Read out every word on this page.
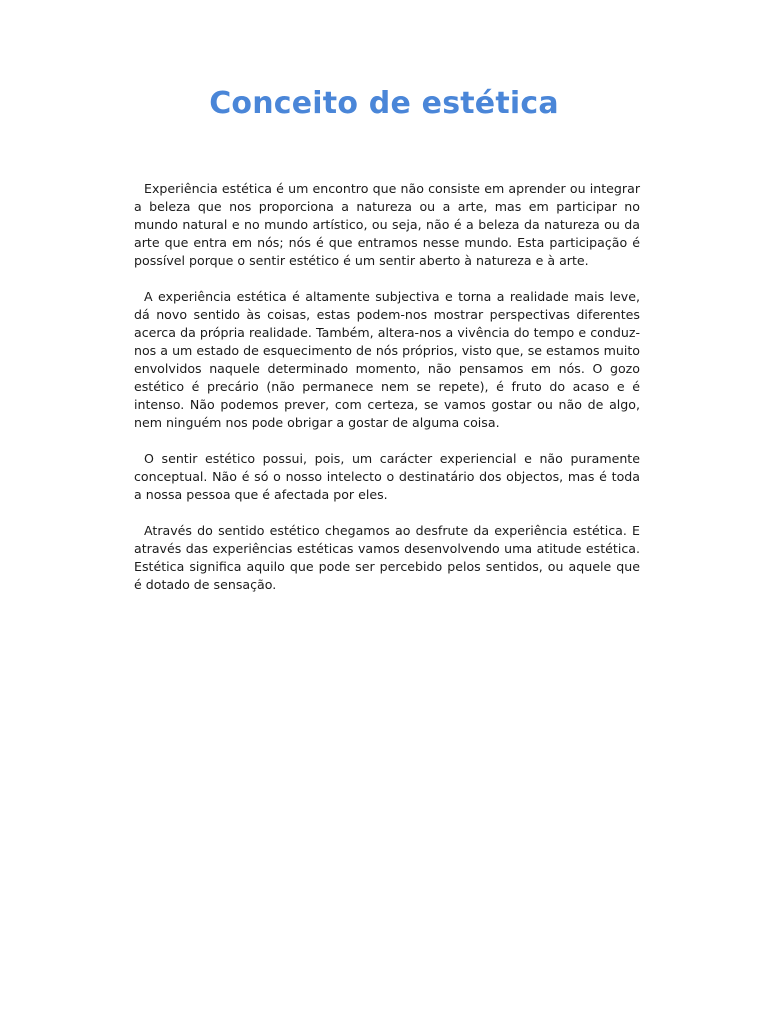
Conceito de estética

Experiência estética é um encontro que não consiste em aprender ou integrar a beleza que nos proporciona a natureza ou a arte, mas em participar no mundo natural e no mundo artístico, ou seja, não é a beleza da natureza ou da arte que entra em nós; nós é que entramos nesse mundo. Esta participação é possível porque o sentir estético é um sentir aberto à natureza e à arte.

A experiência estética é altamente subjectiva e torna a realidade mais leve, dá novo sentido às coisas, estas podem-nos mostrar perspectivas diferentes acerca da própria realidade. Também, altera-nos a vivência do tempo e conduz-nos a um estado de esquecimento de nós próprios, visto que, se estamos muito envolvidos naquele determinado momento, não pensamos em nós. O gozo estético é precário (não permanece nem se repete), é fruto do acaso e é intenso. Não podemos prever, com certeza, se vamos gostar ou não de algo, nem ninguém nos pode obrigar a gostar de alguma coisa.

O sentir estético possui, pois, um carácter experiencial e não puramente conceptual. Não é só o nosso intelecto o destinatário dos objectos, mas é toda a nossa pessoa que é afectada por eles.

Através do sentido estético chegamos ao desfrute da experiência estética. E através das experiências estéticas vamos desenvolvendo uma atitude estética. Estética significa aquilo que pode ser percebido pelos sentidos, ou aquele que é dotado de sensação.
